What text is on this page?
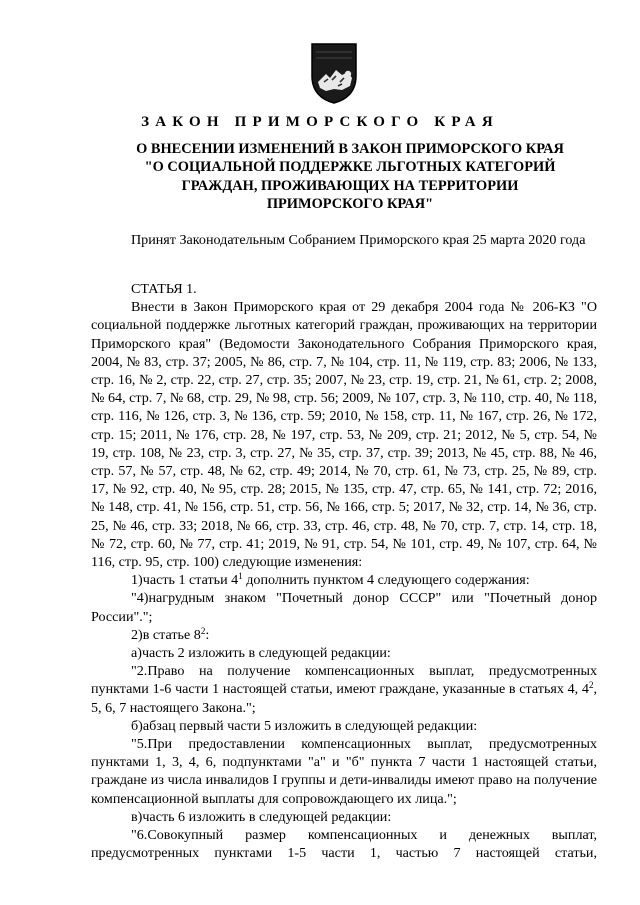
ЗАКОН ПРИМОРСКОГО КРАЯ
О ВНЕСЕНИИ ИЗМЕНЕНИЙ В ЗАКОН ПРИМОРСКОГО КРАЯ
"О СОЦИАЛЬНОЙ ПОДДЕРЖКЕ ЛЬГОТНЫХ КАТЕГОРИЙ
ГРАЖДАН, ПРОЖИВАЮЩИХ НА ТЕРРИТОРИИ
ПРИМОРСКОГО КРАЯ"

Принят Законодательным Собранием Приморского края 25 марта 2020 года

СТАТЬЯ 1.

Внести в Закон Приморского края от 29 декабря 2004 года № 206-КЗ "О социальной поддержке льготных категорий граждан, проживающих на территории Приморского края" (Ведомости Законодательного Собрания Приморского края, 2004, № 83, стр. 37; 2005, № 86, стр. 7, № 104, стр. 11, № 119, стр. 83; 2006, № 133, стр. 16, № 2, стр. 22, стр. 27, стр. 35; 2007, № 23, стр. 19, стр. 21, № 61, стр. 2; 2008, № 64, стр. 7, № 68, стр. 29, № 98, стр. 56; 2009, № 107, стр. 3, № 110, стр. 40, № 118, стр. 116, № 126, стр. 3, № 136, стр. 59; 2010, № 158, стр. 11, № 167, стр. 26, № 172, стр. 15; 2011, № 176, стр. 28, № 197, стр. 53, № 209, стр. 21; 2012, № 5, стр. 54, № 19, стр. 108, № 23, стр. 3, стр. 27, № 35, стр. 37, стр. 39; 2013, № 45, стр. 88, № 46, стр. 57, № 57, стр. 48, № 62, стр. 49; 2014, № 70, стр. 61, № 73, стр. 25, № 89, стр. 17, № 92, стр. 40, № 95, стр. 28; 2015, № 135, стр. 47, стр. 65, № 141, стр. 72; 2016, № 148, стр. 41, № 156, стр. 51, стр. 56, № 166, стр. 5; 2017, № 32, стр. 14, № 36, стр. 25, № 46, стр. 33; 2018, № 66, стр. 33, стр. 46, стр. 48, № 70, стр. 7, стр. 14, стр. 18, № 72, стр. 60, № 77, стр. 41; 2019, № 91, стр. 54, № 101, стр. 49, № 107, стр. 64, № 116, стр. 95, стр. 100) следующие изменения:

1)часть 1 статьи $4^1$ дополнить пунктом 4 следующего содержания:

"4)нагрудным знаком "Почетный донор СССР" или "Почетный донор России".";

2)в статье $8^2$:

а)часть 2 изложить в следующей редакции:

"2.Право на получение компенсационных выплат, предусмотренных пунктами 1-6 части 1 настоящей статьи, имеют граждане, указанные в статьях 4, $4^2$, 5, 6, 7 настоящего Закона.";

б)абзац первый части 5 изложить в следующей редакции:

"5.При предоставлении компенсационных выплат, предусмотренных пунктами 1, 3, 4, 6, подпунктами "а" и "б" пункта 7 части 1 настоящей статьи, граждане из числа инвалидов I группы и дети-инвалиды имеют право на получение компенсационной выплаты для сопровождающего их лица.";

в)часть 6 изложить в следующей редакции:

"6.Совокупный размер компенсационных и денежных выплат, предусмотренных пунктами 1-5 части 1, частью 7 настоящей статьи,
